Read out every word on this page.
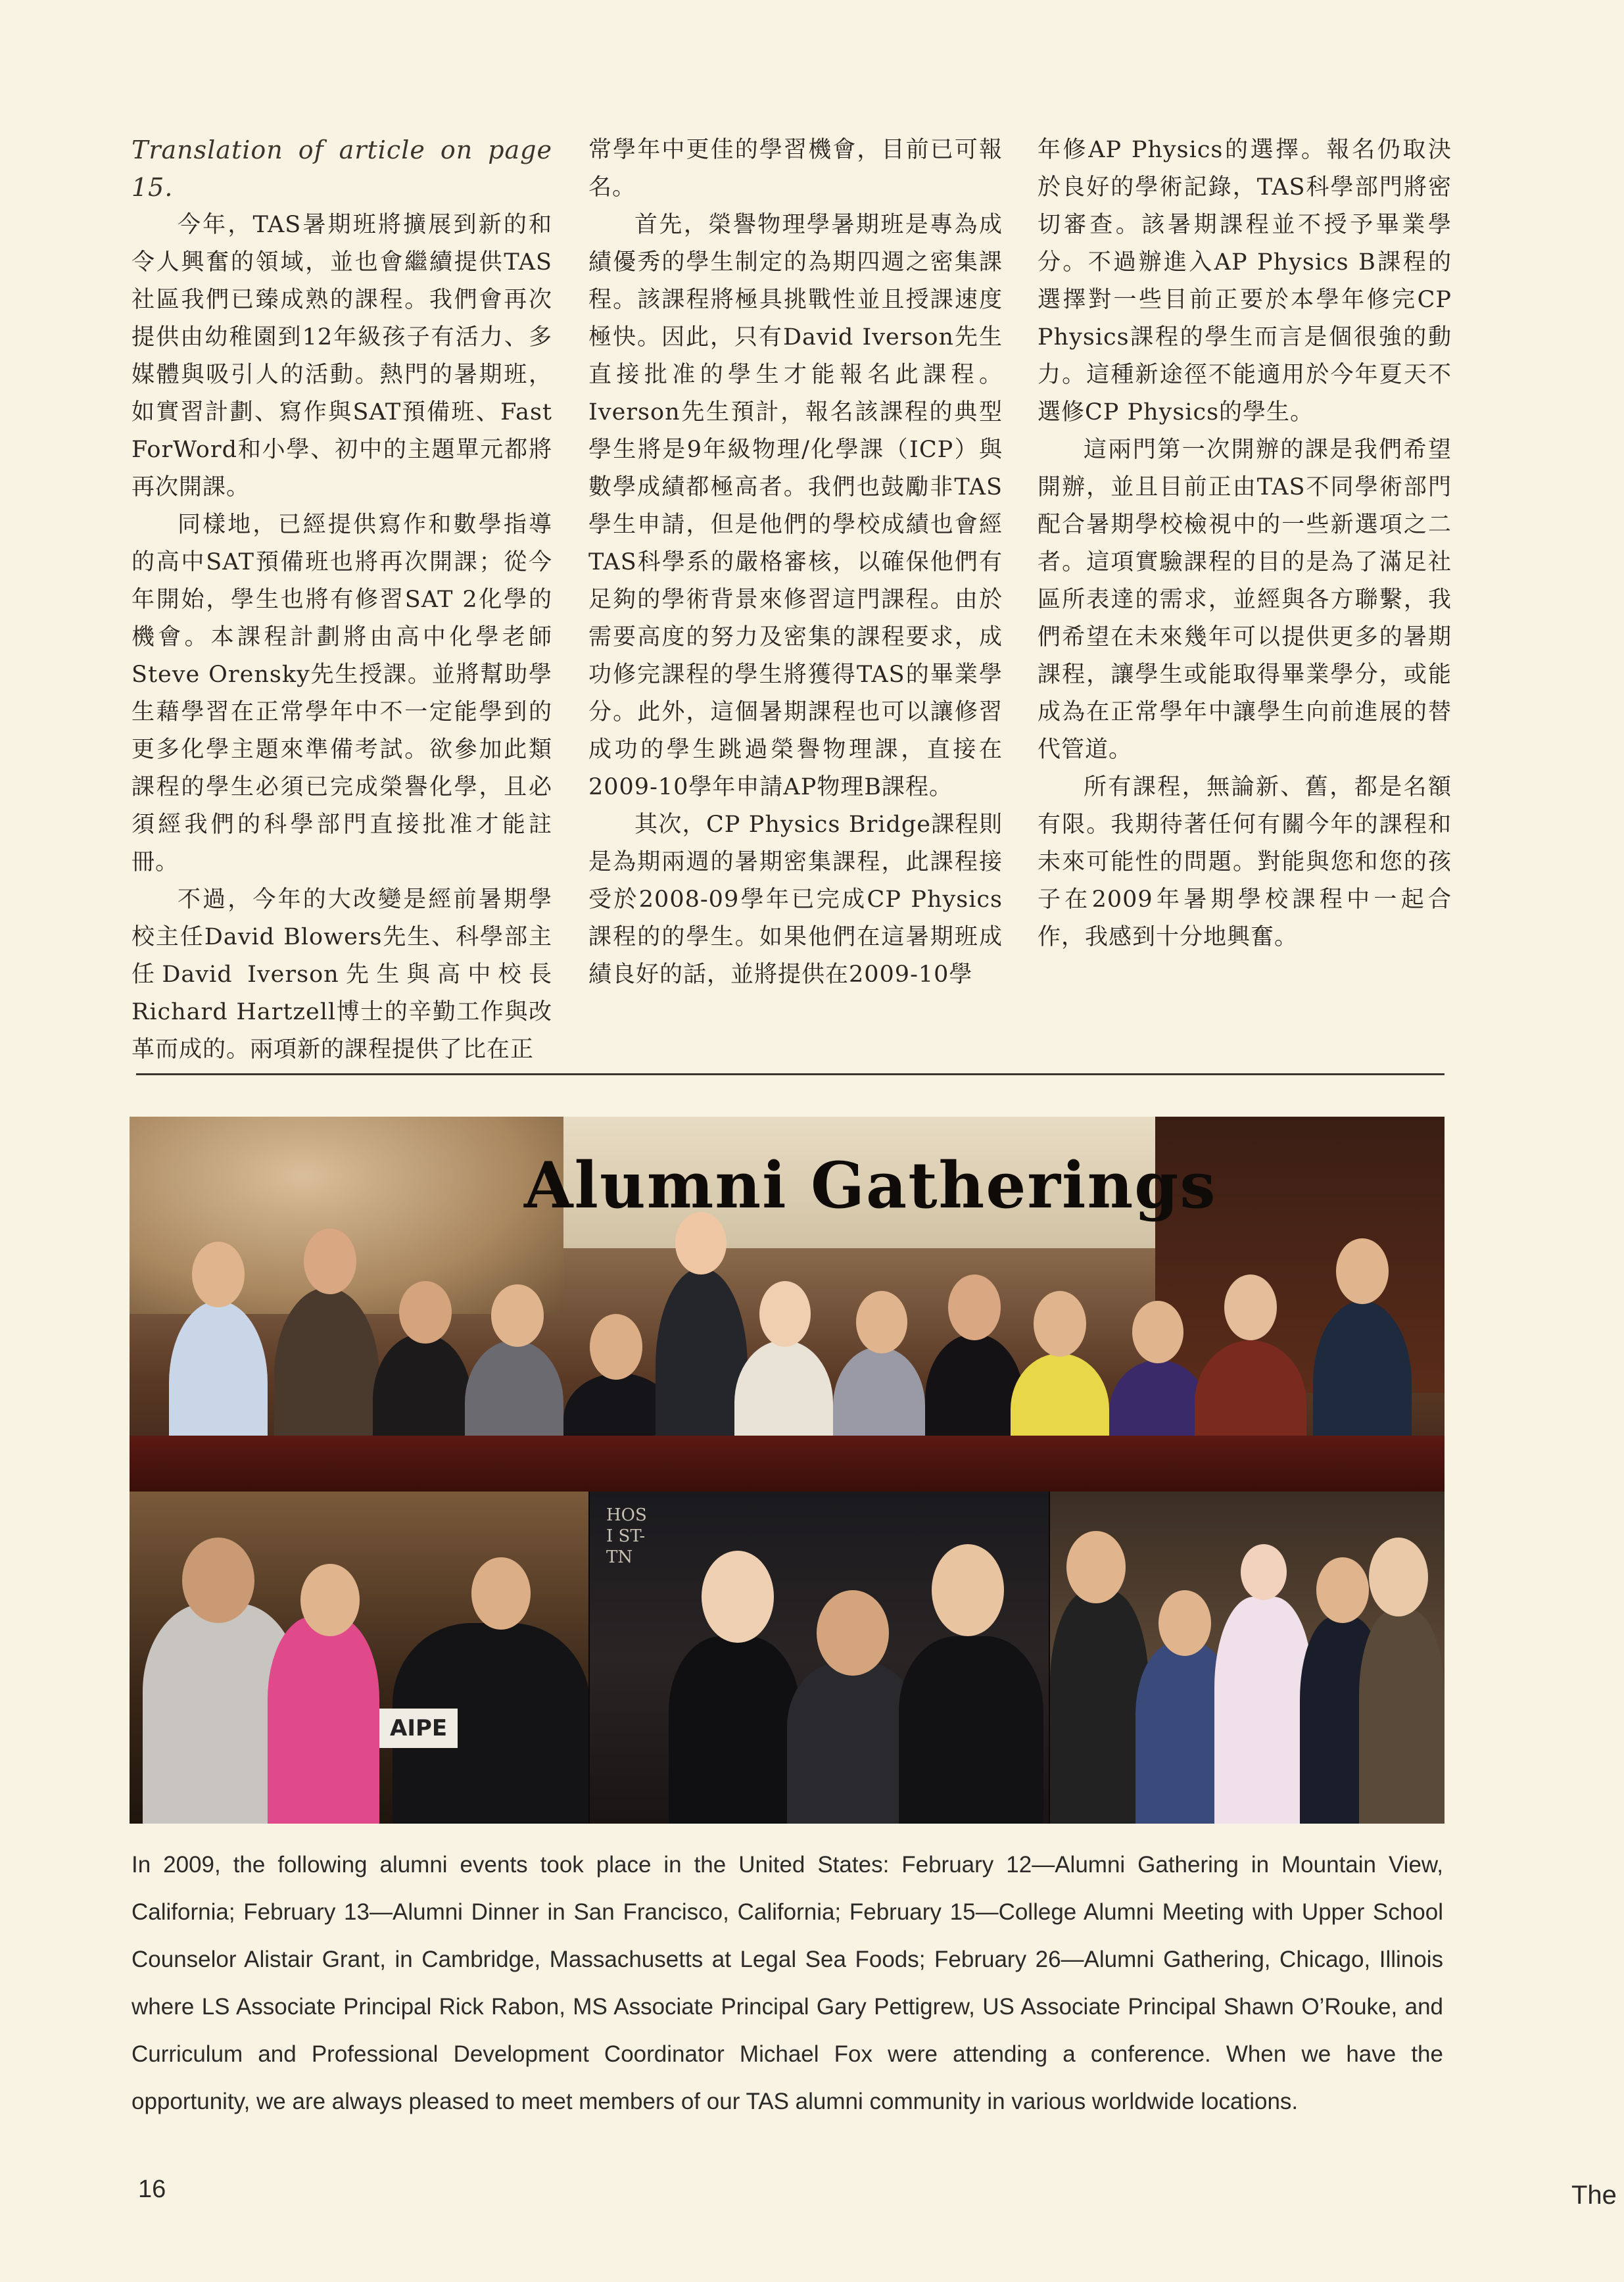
Translation of article on page 15.

今年，TAS暑期班將擴展到新的和令人興奮的領域，並也會繼續提供TAS社區我們已臻成熟的課程。我們會再次提供由幼稚園到12年級孩子有活力、多媒體與吸引人的活動。熱門的暑期班，如實習計劃、寫作與SAT預備班、Fast ForWord和小學、初中的主題單元都將再次開課。

同樣地，已經提供寫作和數學指導的高中SAT預備班也將再次開課；從今年開始，學生也將有修習SAT 2化學的機會。本課程計劃將由高中化學老師Steve Orensky先生授課。並將幫助學生藉學習在正常學年中不一定能學到的更多化學主題來準備考試。欲參加此類課程的學生必須已完成榮譽化學，且必須經我們的科學部門直接批准才能註冊。

不過，今年的大改變是經前暑期學校主任David Blowers先生、科學部主任David Iverson先生與高中校長Richard Hartzell博士的辛勤工作與改革而成的。兩項新的課程提供了比在正

常學年中更佳的學習機會，目前已可報名。

首先，榮譽物理學暑期班是專為成績優秀的學生制定的為期四週之密集課程。該課程將極具挑戰性並且授課速度極快。因此，只有David Iverson先生直接批准的學生才能報名此課程。Iverson先生預計，報名該課程的典型學生將是9年級物理/化學課（ICP）與數學成績都極高者。我們也鼓勵非TAS學生申請，但是他們的學校成績也會經TAS科學系的嚴格審核，以確保他們有足夠的學術背景來修習這門課程。由於需要高度的努力及密集的課程要求，成功修完課程的學生將獲得TAS的畢業學分。此外，這個暑期課程也可以讓修習成功的學生跳過榮譽物理課，直接在2009-10學年申請AP物理B課程。

其次，CP Physics Bridge課程則是為期兩週的暑期密集課程，此課程接受於2008-09學年已完成CP Physics課程的的學生。如果他們在這暑期班成績良好的話，並將提供在2009-10學

年修AP Physics的選擇。報名仍取決於良好的學術記錄，TAS科學部門將密切審查。該暑期課程並不授予畢業學分。不過辦進入AP Physics B課程的選擇對一些目前正要於本學年修完CP Physics課程的學生而言是個很強的動力。這種新途徑不能適用於今年夏天不選修CP Physics的學生。

這兩門第一次開辦的課是我們希望開辦，並且目前正由TAS不同學術部門配合暑期學校檢視中的一些新選項之二者。這項實驗課程的目的是為了滿足社區所表達的需求，並經與各方聯繫，我們希望在未來幾年可以提供更多的暑期課程，讓學生或能取得畢業學分，或能成為在正常學年中讓學生向前進展的替代管道。

所有課程，無論新、舊，都是名額有限。我期待著任何有關今年的課程和未來可能性的問題。對能與您和您的孩子在2009年暑期學校課程中一起合作，我感到十分地興奮。

Alumni Gatherings
AIPE
HOSI ST-TN
In 2009, the following alumni events took place in the United States: February 12—Alumni Gathering in Mountain View, California; February 13—Alumni Dinner in San Francisco, California; February 15—College Alumni Meeting with Upper School Counselor Alistair Grant, in Cambridge, Massachusetts at Legal Sea Foods; February 26—Alumni Gathering, Chicago, Illinois where LS Associate Principal Rick Rabon, MS Associate Principal Gary Pettigrew, US Associate Principal Shawn O’Rouke, and Curriculum and Professional Development Coordinator Michael Fox were attending a conference. When we have the opportunity, we are always pleased to meet members of our TAS alumni community in various worldwide locations.
16	The
